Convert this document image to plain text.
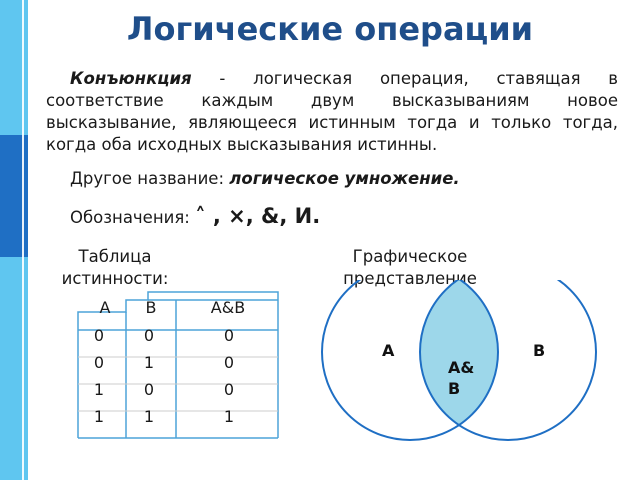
Логические операции
Конъюнкция - логическая операция, ставящая в соответствие каждым двум высказываниям новое высказывание, являющееся истинным тогда и только тогда, когда оба исходных высказывания истинны.
Другое название: логическое умножение.
Обозначения: ˄ , ×, &, И.
Таблица истинности:
Графическое представление
A	B	A&B
0	0	0
0	1	0
1	0	0
1	1	1
A	B
A&
B
